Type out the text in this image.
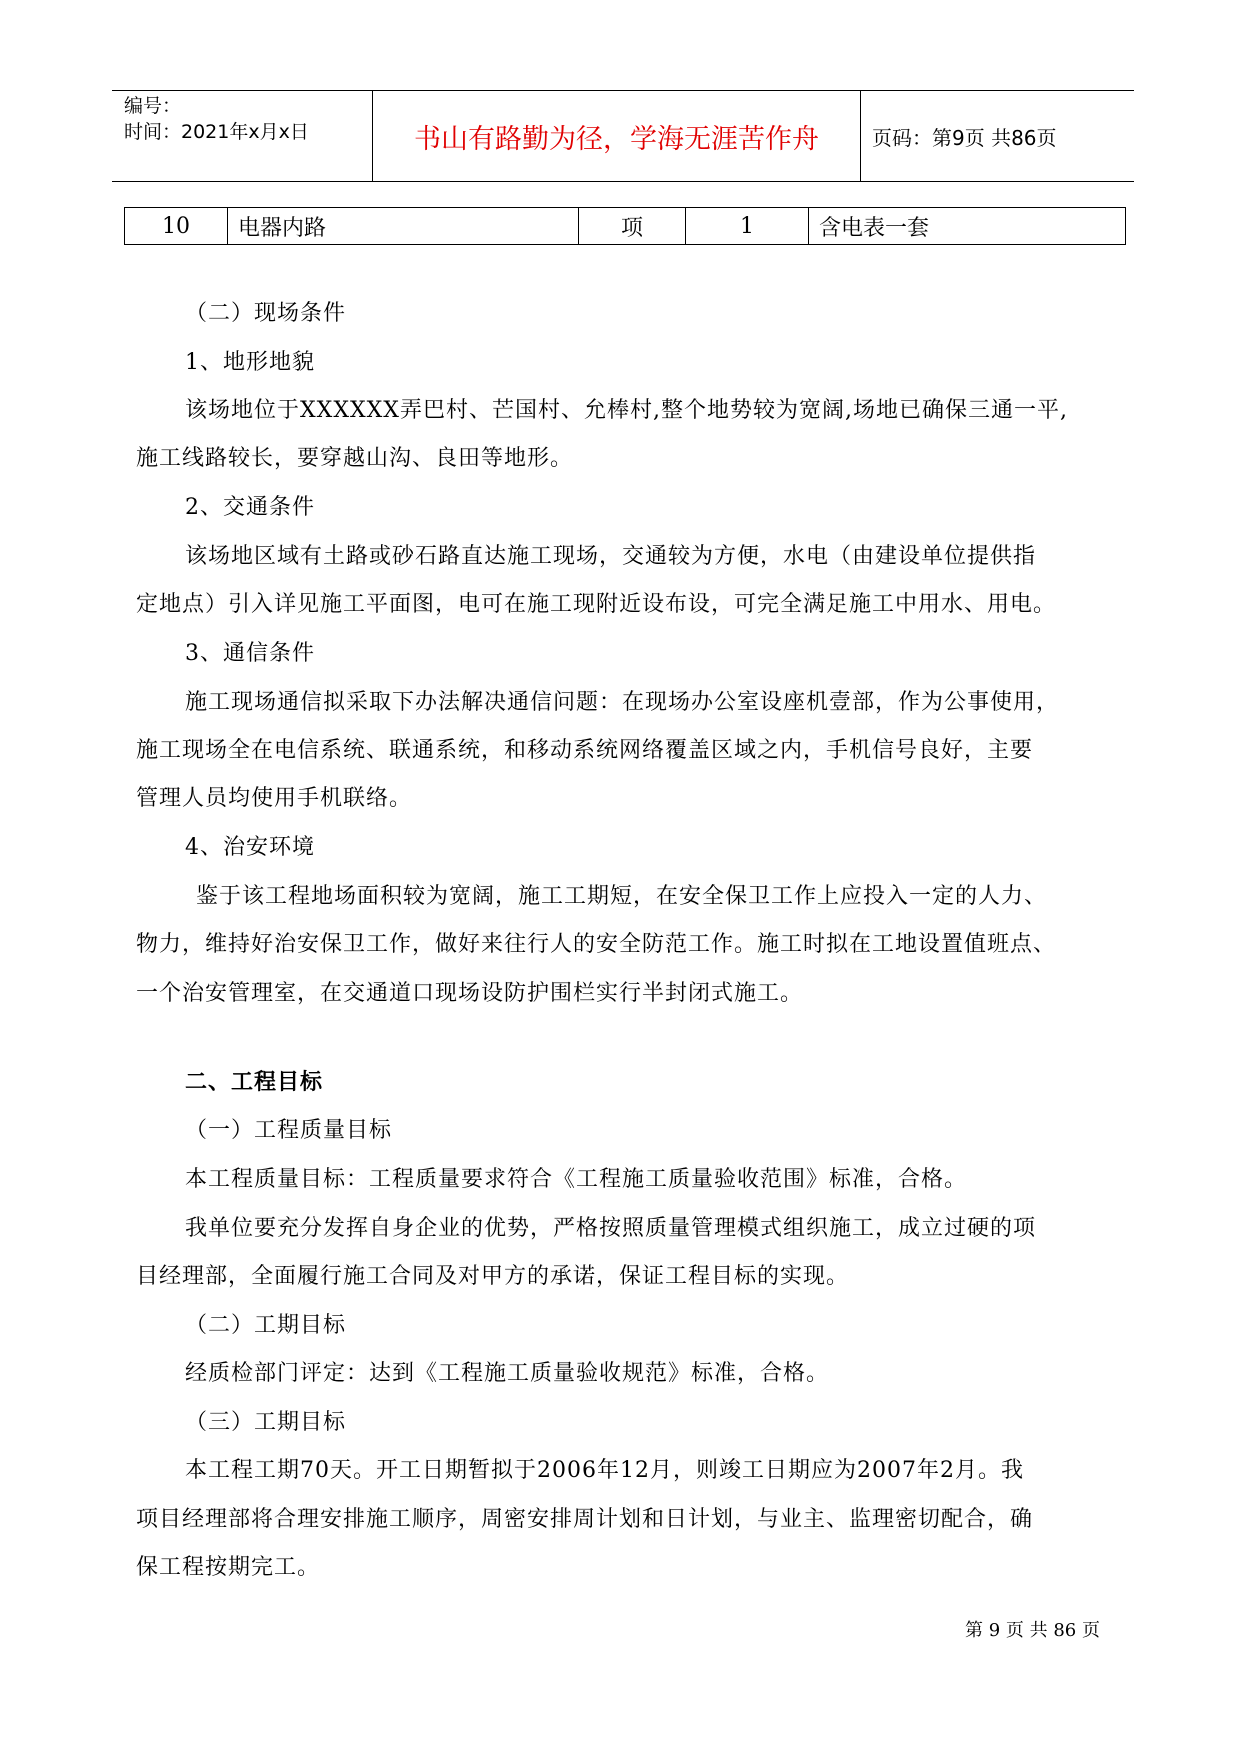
编号：
时间：2021年x月x日	书山有路勤为径，学海无涯苦作舟	页码：第9页 共86页
10	电器内路	项	1	含电表一套
（二）现场条件
1、地形地貌
该场地位于XXXXXX弄巴村、芒国村、允棒村,整个地势较为宽阔,场地已确保三通一平,
施工线路较长，要穿越山沟、良田等地形。
2、交通条件
该场地区域有土路或砂石路直达施工现场，交通较为方便，水电（由建设单位提供指
定地点）引入详见施工平面图，电可在施工现附近设布设，可完全满足施工中用水、用电。
3、通信条件
施工现场通信拟采取下办法解决通信问题：在现场办公室设座机壹部，作为公事使用，
施工现场全在电信系统、联通系统，和移动系统网络覆盖区域之内，手机信号良好，主要
管理人员均使用手机联络。
4、治安环境
鉴于该工程地场面积较为宽阔，施工工期短，在安全保卫工作上应投入一定的人力、
物力，维持好治安保卫工作，做好来往行人的安全防范工作。施工时拟在工地设置值班点、
一个治安管理室，在交通道口现场设防护围栏实行半封闭式施工。
二、工程目标
（一）工程质量目标
本工程质量目标：工程质量要求符合《工程施工质量验收范围》标准，合格。
我单位要充分发挥自身企业的优势，严格按照质量管理模式组织施工，成立过硬的项
目经理部，全面履行施工合同及对甲方的承诺，保证工程目标的实现。
（二）工期目标
经质检部门评定：达到《工程施工质量验收规范》标准，合格。
（三）工期目标
本工程工期70天。开工日期暂拟于2006年12月，则竣工日期应为2007年2月。我
项目经理部将合理安排施工顺序，周密安排周计划和日计划，与业主、监理密切配合，确
保工程按期完工。
第 9 页 共 86 页
